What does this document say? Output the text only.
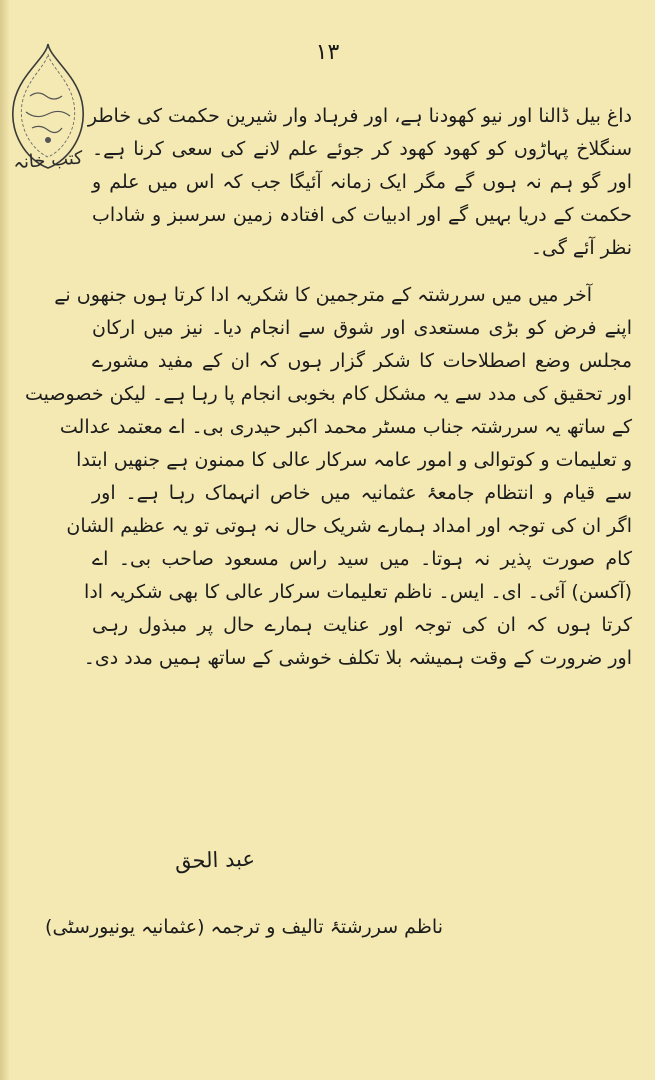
١٣
کتب خانہ
داغ بیل ڈالنا اور نیو کھودنا ہے، اور فرہاد وار شیرین حکمت کی خاطر
سنگلاخ پہاڑوں کو کھود کھود کر جوئے علم لانے کی سعی کرنا ہے۔
اور گو ہم نہ ہوں گے مگر ایک زمانہ آئیگا جب کہ اس میں علم و
حکمت کے دریا بہیں گے اور ادبیات کی افتادہ زمین سرسبز و شاداب
نظر آئے گی۔
آخر میں میں سررشتہ کے مترجمین کا شکریہ ادا کرتا ہوں جنھوں نے
اپنے فرض کو بڑی مستعدی اور شوق سے انجام دیا۔ نیز میں ارکان
مجلس وضع اصطلاحات کا شکر گزار ہوں کہ ان کے مفید مشورے
اور تحقیق کی مدد سے یہ مشکل کام بخوبی انجام پا رہا ہے۔ لیکن خصوصیت
کے ساتھ یہ سررشتہ جناب مسٹر محمد اکبر حیدری بی۔ اے معتمد عدالت
و تعلیمات و کوتوالی و امور عامہ سرکار عالی کا ممنون ہے جنھیں ابتدا
سے قیام و انتظام جامعۂ عثمانیہ میں خاص انہماک رہا ہے۔ اور
اگر ان کی توجہ اور امداد ہمارے شریک حال نہ ہوتی تو یہ عظیم الشان
کام صورت پذیر نہ ہوتا۔ میں سید راس مسعود صاحب بی۔ اے
(آکسن) آئی۔ ای۔ ایس۔ ناظم تعلیمات سرکار عالی کا بھی شکریہ ادا
کرتا ہوں کہ ان کی توجہ اور عنایت ہمارے حال پر مبذول رہی
اور ضرورت کے وقت ہمیشہ بلا تکلف خوشی کے ساتھ ہمیں مدد دی۔
عبد الحق
ناظم سررشتۂ تالیف و ترجمہ (عثمانیہ یونیورسٹی)
